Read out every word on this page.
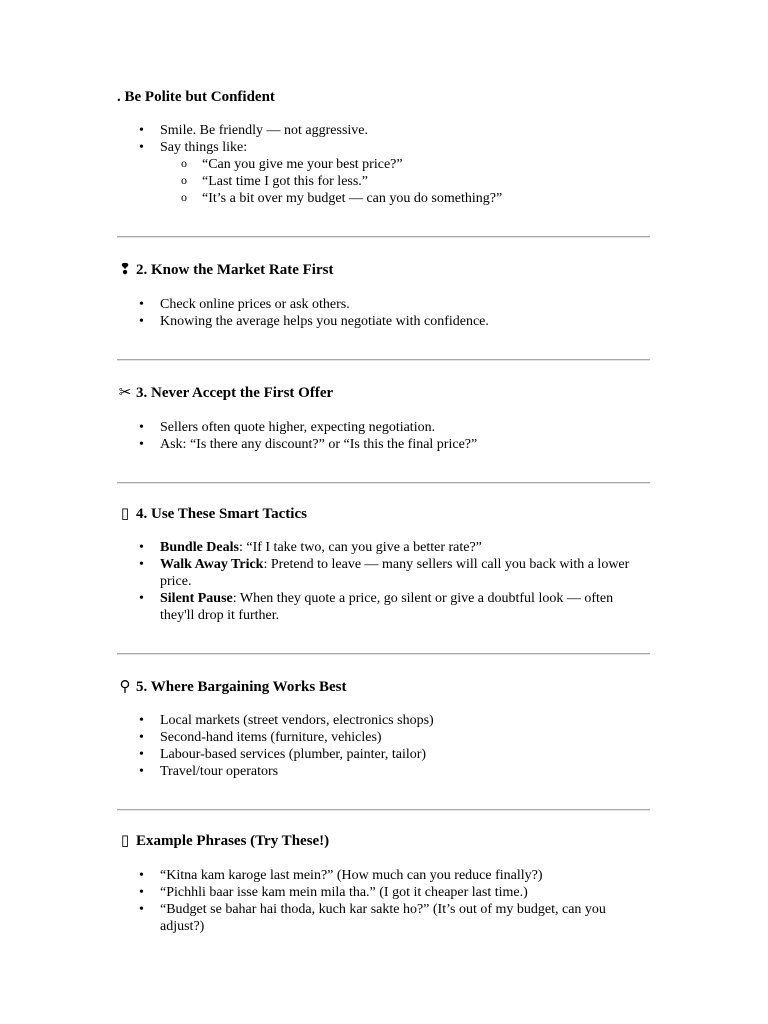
. Be Polite but Confident
• Smile. Be friendly — not aggressive.
• Say things like:
o “Can you give me your best price?”
o “Last time I got this for less.”
o “It’s a bit over my budget — can you do something?”
❢ 2. Know the Market Rate First
• Check online prices or ask others.
• Knowing the average helps you negotiate with confidence.
✂ 3. Never Accept the First Offer
• Sellers often quote higher, expecting negotiation.
• Ask: “Is there any discount?” or “Is this the final price?”
▯ 4. Use These Smart Tactics
• Bundle Deals: “If I take two, can you give a better rate?”
• Walk Away Trick: Pretend to leave — many sellers will call you back with a lower price.
• Silent Pause: When they quote a price, go silent or give a doubtful look — often they'll drop it further.
⚲ 5. Where Bargaining Works Best
• Local markets (street vendors, electronics shops)
• Second-hand items (furniture, vehicles)
• Labour-based services (plumber, painter, tailor)
• Travel/tour operators
▯ Example Phrases (Try These!)
• “Kitna kam karoge last mein?” (How much can you reduce finally?)
• “Pichhli baar isse kam mein mila tha.” (I got it cheaper last time.)
• “Budget se bahar hai thoda, kuch kar sakte ho?” (It’s out of my budget, can you adjust?)
